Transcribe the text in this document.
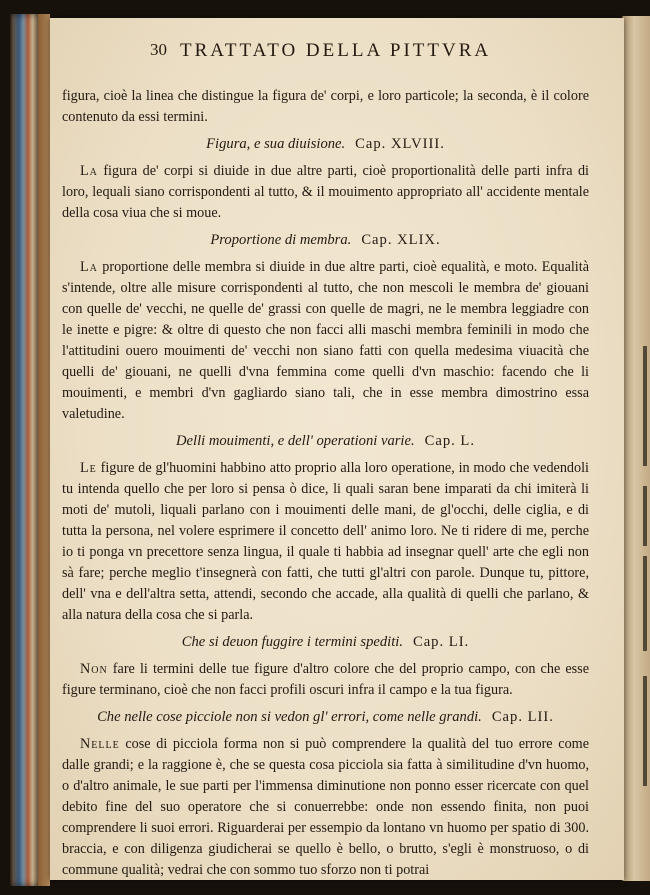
30 TRATTATO DELLA PITTVRA

figura, cioè la linea che distingue la figura de' corpi, e loro particole; la seconda, è il colore contenuto da essi termini.

Figura, e sua diuisione. Cap. XLVIII.

La figura de' corpi si diuide in due altre parti, cioè proportionalità delle parti infra di loro, lequali siano corrispondenti al tutto, & il mouimento appropriato all' accidente mentale della cosa viua che si moue.

Proportione di membra. Cap. XLIX.

La proportione delle membra si diuide in due altre parti, cioè equalità, e moto. Equalità s'intende, oltre alle misure corrispondenti al tutto, che non mescoli le membra de' giouani con quelle de' vecchi, ne quelle de' grassi con quelle de magri, ne le membra leggiadre con le inette e pigre: & oltre di questo che non facci alli maschi membra feminili in modo che l'attitudini ouero mouimenti de' vecchi non siano fatti con quella medesima viuacità che quelli de' giouani, ne quelli d'vna femmina come quelli d'vn maschio: facendo che li mouimenti, e membri d'vn gagliardo siano tali, che in esse membra dimostrino essa valetudine.

Delli mouimenti, e dell' operationi varie. Cap. L.

Le figure de gl'huomini habbino atto proprio alla loro operatione, in modo che vedendoli tu intenda quello che per loro si pensa ò dice, li quali saran bene imparati da chi imiterà li moti de' mutoli, liquali parlano con i mouimenti delle mani, de gl'occhi, delle ciglia, e di tutta la persona, nel volere esprimere il concetto dell' animo loro. Ne ti ridere di me, perche io ti ponga vn precettore senza lingua, il quale ti habbia ad insegnar quell' arte che egli non sà fare; perche meglio t'insegnerà con fatti, che tutti gl'altri con parole. Dunque tu, pittore, dell' vna e dell'altra setta, attendi, secondo che accade, alla qualità di quelli che parlano, & alla natura della cosa che si parla.

Che si deuon fuggire i termini spediti. Cap. LI.

Non fare li termini delle tue figure d'altro colore che del proprio campo, con che esse figure terminano, cioè che non facci profili oscuri infra il campo e la tua figura.

Che nelle cose picciole non si vedon gl' errori, come nelle grandi. Cap. LII.

Nelle cose di picciola forma non si può comprendere la qualità del tuo errore come dalle grandi; e la raggione è, che se questa cosa picciola sia fatta à similitudine d'vn huomo, o d'altro animale, le sue parti per l'immensa diminutione non ponno esser ricercate con quel debito fine del suo operatore che si conuerrebbe: onde non essendo finita, non puoi comprendere li suoi errori. Riguarderai per essempio da lontano vn huomo per spatio di 300. braccia, e con diligenza giudicherai se quello è bello, o brutto, s'egli è monstruoso, o di commune qualità; vedrai che con sommo tuo sforzo non ti potrai
